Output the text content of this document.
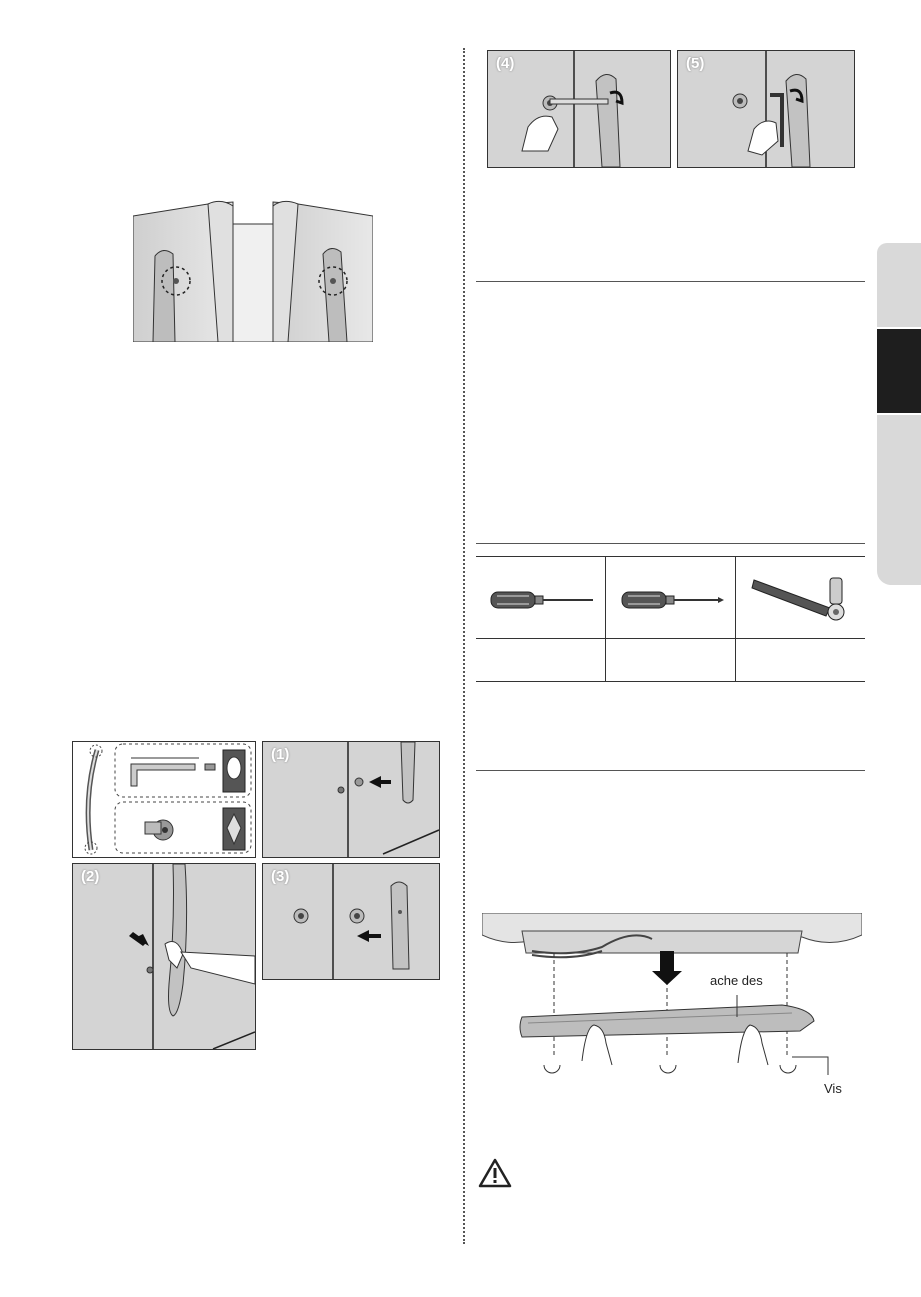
(1)
(2)	(3)
(4)	(5)
ache des
Vis
